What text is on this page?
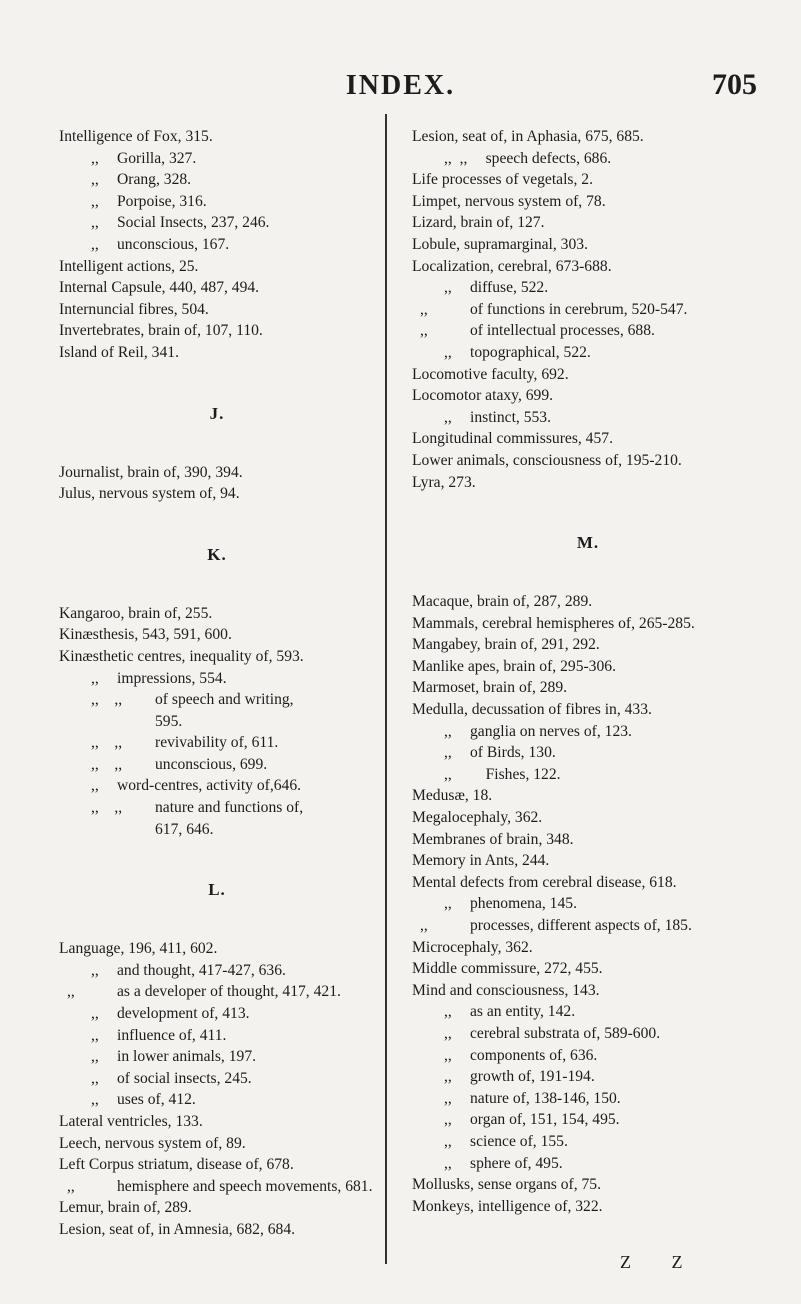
INDEX.	705
Intelligence of Fox, 315.
,, Gorilla, 327.
,, Orang, 328.
,, Porpoise, 316.
,, Social Insects, 237, 246.
,, unconscious, 167.
Intelligent actions, 25.
Internal Capsule, 440, 487, 494.
Internuncial fibres, 504.
Invertebrates, brain of, 107, 110.
Island of Reil, 341.
J.
Journalist, brain of, 390, 394.
Julus, nervous system of, 94.
K.
Kangaroo, brain of, 255.
Kinæsthesis, 543, 591, 600.
Kinæsthetic centres, inequality of, 593.
,, impressions, 554.
,, ,, of speech and writing, 595.
,, ,, revivability of, 611.
,, ,, unconscious, 699.
,, word-centres, activity of,646.
,, ,, nature and functions of, 617, 646.
L.
Language, 196, 411, 602.
,, and thought, 417-427, 636.
,,	as a developer of thought, 417, 421.
,, development of, 413.
,, influence of, 411.
,, in lower animals, 197.
,, of social insects, 245.
,, uses of, 412.
Lateral ventricles, 133.
Leech, nervous system of, 89.
Left Corpus striatum, disease of, 678.
,,	hemisphere and speech movements, 681.
Lemur, brain of, 289.
Lesion, seat of, in Amnesia, 682, 684.
Lesion, seat of, in Aphasia, 675, 685.
,, ,, speech defects, 686.
Life processes of vegetals, 2.
Limpet, nervous system of, 78.
Lizard, brain of, 127.
Lobule, supramarginal, 303.
Localization, cerebral, 673-688.
,, diffuse, 522.
,,	of functions in cerebrum, 520-547.
,,	of intellectual processes, 688.
,, topographical, 522.
Locomotive faculty, 692.
Locomotor ataxy, 699.
,, instinct, 553.
Longitudinal commissures, 457.
Lower animals, consciousness of, 195-210.
Lyra, 273.
M.
Macaque, brain of, 287, 289.
Mammals, cerebral hemispheres of, 265-285.
Mangabey, brain of, 291, 292.
Manlike apes, brain of, 295-306.
Marmoset, brain of, 289.
Medulla, decussation of fibres in, 433.
,, ganglia on nerves of, 123.
,, of Birds, 130.
,, Fishes, 122.
Medusæ, 18.
Megalocephaly, 362.
Membranes of brain, 348.
Memory in Ants, 244.
Mental defects from cerebral disease, 618.
,, phenomena, 145.
,,	processes, different aspects of, 185.
Microcephaly, 362.
Middle commissure, 272, 455.
Mind and consciousness, 143.
,, as an entity, 142.
,, cerebral substrata of, 589-600.
,, components of, 636.
,, growth of, 191-194.
,, nature of, 138-146, 150.
,, organ of, 151, 154, 495.
,, science of, 155.
,, sphere of, 495.
Mollusks, sense organs of, 75.
Monkeys, intelligence of, 322.
Z Z
